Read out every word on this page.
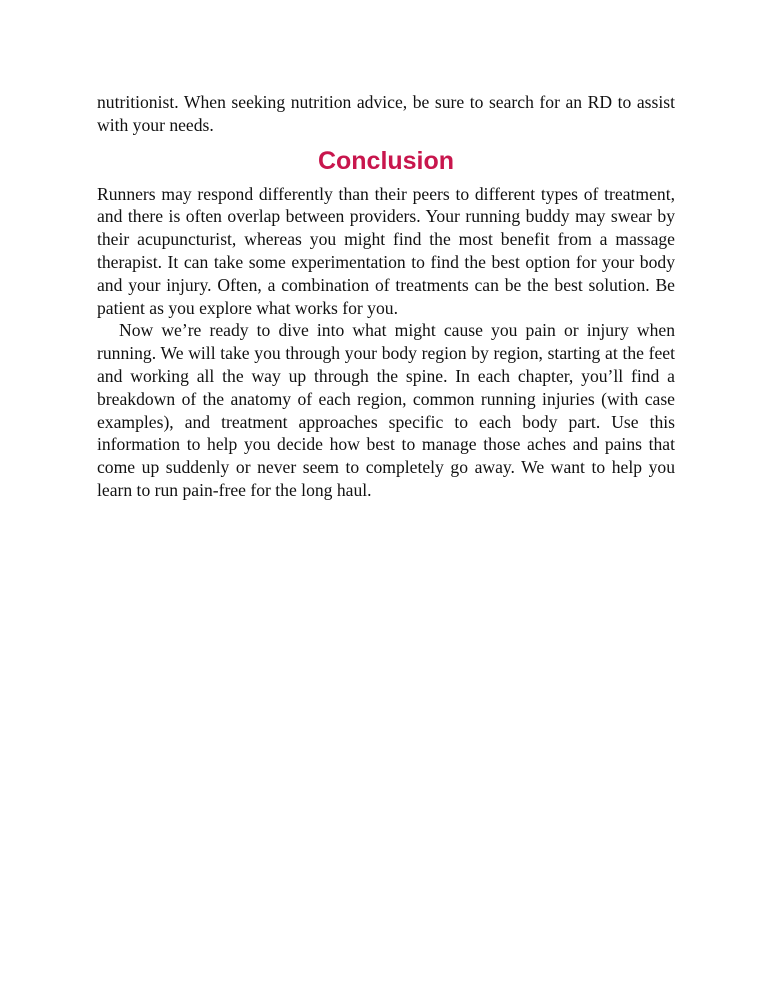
nutritionist. When seeking nutrition advice, be sure to search for an RD to assist with your needs.

Conclusion

Runners may respond differently than their peers to different types of treatment, and there is often overlap between providers. Your running buddy may swear by their acupuncturist, whereas you might find the most benefit from a massage therapist. It can take some experimentation to find the best option for your body and your injury. Often, a combination of treatments can be the best solution. Be patient as you explore what works for you.

Now we’re ready to dive into what might cause you pain or injury when running. We will take you through your body region by region, starting at the feet and working all the way up through the spine. In each chapter, you’ll find a breakdown of the anatomy of each region, common running injuries (with case examples), and treatment approaches specific to each body part. Use this information to help you decide how best to manage those aches and pains that come up suddenly or never seem to completely go away. We want to help you learn to run pain-free for the long haul.
